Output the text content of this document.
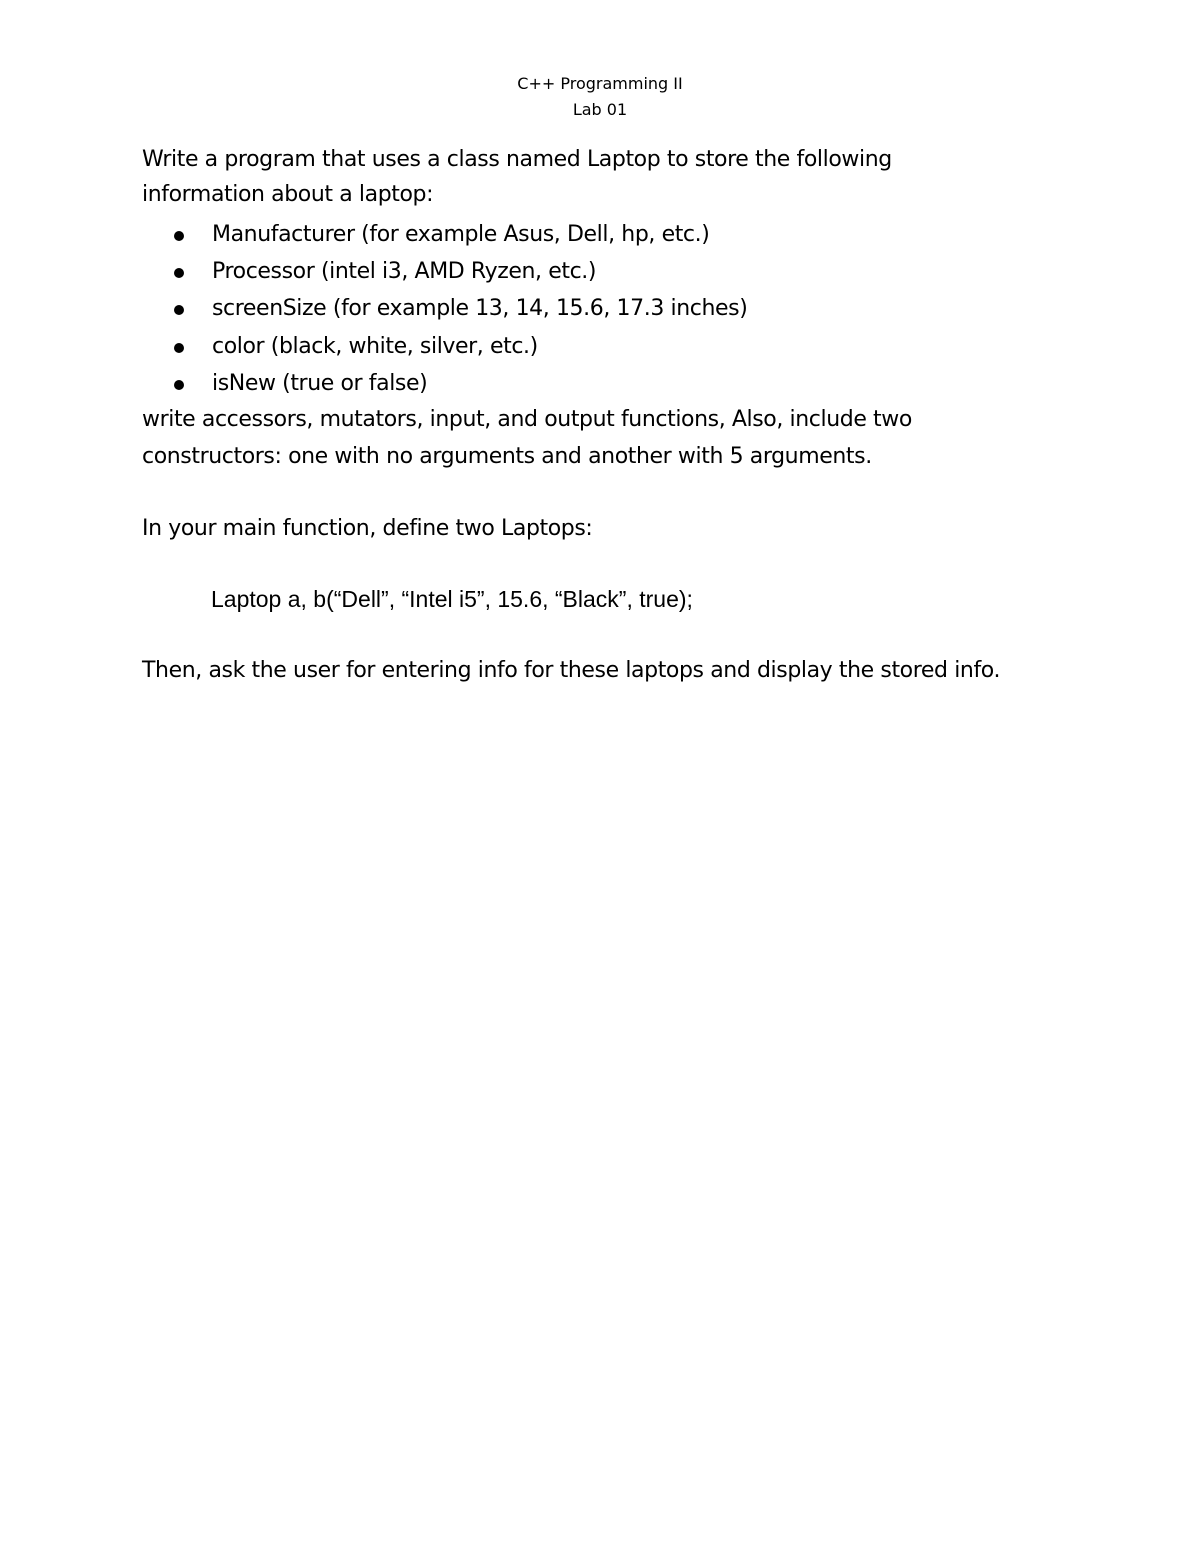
C++ Programming II
Lab 01
Write a program that uses a class named Laptop to store the following
information about a laptop:
Manufacturer (for example Asus, Dell, hp, etc.)
Processor (intel i3, AMD Ryzen, etc.)
screenSize (for example 13, 14, 15.6, 17.3 inches)
color (black, white, silver, etc.)
isNew (true or false)
write accessors, mutators, input, and output functions, Also, include two
constructors: one with no arguments and another with 5 arguments.
In your main function, define two Laptops:
Laptop a, b(“Dell”, “Intel i5”, 15.6, “Black”, true);
Then, ask the user for entering info for these laptops and display the stored info.
